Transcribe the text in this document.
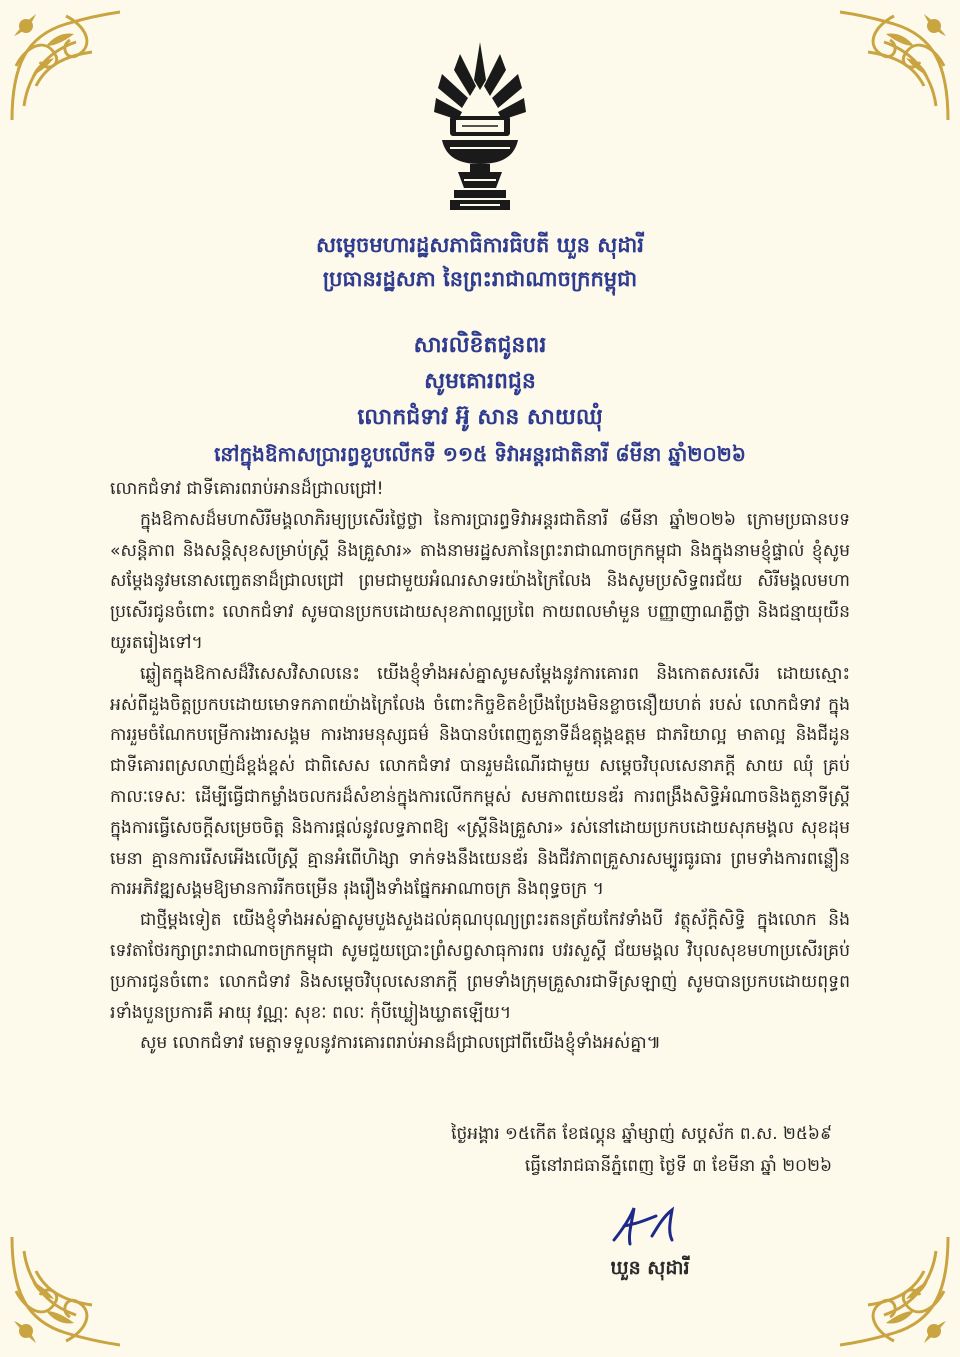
សម្តេចមហារដ្ឋសភាធិការធិបតី ឃួន សុដារី
ប្រធានរដ្ឋសភា នៃព្រះរាជាណាចក្រកម្ពុជា
សារលិខិតជូនពរ
សូមគោរពជូន
លោកជំទាវ អ៊ូ សាន សាយឈុំ
នៅក្នុងឱកាសប្រារព្ធខួបលើកទី ១១៥ ទិវាអន្តរជាតិនារី ៨មីនា ឆ្នាំ២០២៦

លោកជំទាវ ជាទីគោរពរាប់អានដ៏ជ្រាលជ្រៅ!

ក្នុងឱកាសដ៏មហាសិរីមង្គលាភិរម្យប្រសើរថ្លៃថ្លា នៃការប្រារព្ធទិវាអន្តរជាតិនារី ៨មីនា ឆ្នាំ២០២៦ ក្រោមប្រធានបទ «សន្តិភាព និងសន្តិសុខសម្រាប់ស្ត្រី និងគ្រួសារ» តាងនាមរដ្ឋសភានៃព្រះរាជាណាចក្រកម្ពុជា និងក្នុងនាមខ្ញុំផ្ទាល់ ខ្ញុំសូមសម្តែងនូវមនោសញ្ចេតនាដ៏ជ្រាលជ្រៅ ព្រមជាមួយអំណរសាទរយ៉ាងក្រៃលែង និងសូមប្រសិទ្ធពរជ័យ សិរីមង្គលមហាប្រសើរជូនចំពោះ លោកជំទាវ សូមបានប្រកបដោយសុខភាពល្អប្រពៃ កាយពលមាំមួន បញ្ញាញាណភ្លឺថ្លា និងជន្មាយុយឺនយូរតរៀងទៅ។

ឆ្លៀតក្នុងឱកាសដ៏វិសេសវិសាលនេះ យើងខ្ញុំទាំងអស់គ្នាសូមសម្តែងនូវការគោរព និងកោតសរសើរ ដោយស្មោះអស់ពីដួងចិត្តប្រកបដោយមោទកភាពយ៉ាងក្រៃលែង ចំពោះកិច្ចខិតខំប្រឹងប្រែងមិនខ្លាចនឿយហត់ របស់ លោកជំទាវ ក្នុងការរួមចំណែកបម្រើការងារសង្គម ការងារមនុស្សធម៌ និងបានបំពេញតួនាទីដ៏ឧត្តុង្គឧត្តម ជាភរិយាល្អ មាតាល្អ និងជីដូនជាទីគោរពស្រលាញ់ដ៏ខ្ពង់ខ្ពស់ ជាពិសេស លោកជំទាវ បានរួមដំណើរជាមួយ សម្តេចវិបុលសេនាភក្តី សាយ ឈុំ គ្រប់កាលៈទេសៈ ដើម្បីធ្វើជាកម្លាំងចលករដ៏សំខាន់ក្នុងការលើកកម្ពស់ សមភាពយេនឌ័រ ការពង្រឹងសិទ្ធិអំណាចនិងតួនាទីស្ត្រីក្នុងការធ្វើសេចក្តីសម្រេចចិត្ត និងការផ្តល់នូវលទ្ធភាពឱ្យ «ស្ត្រីនិងគ្រួសារ» រស់នៅដោយប្រកបដោយសុភមង្គល សុខដុមមេនា គ្មានការរើសអើងលើស្ត្រី គ្មានអំពើហិង្សា ទាក់ទងនឹងយេនឌ័រ និងជីវភាពគ្រួសារសម្បូរធូរធារ ព្រមទាំងការពន្លឿនការអភិវឌ្ឍសង្គមឱ្យមានការរីកចម្រើន រុងរឿងទាំងផ្នែកអាណាចក្រ និងពុទ្ធចក្រ ។

ជាថ្មីម្តងទៀត យើងខ្ញុំទាំងអស់គ្នាសូមបួងសួងដល់គុណបុណ្យព្រះរតនត្រ័យកែវទាំងបី វត្ថុស័ក្តិសិទ្ធិ ក្នុងលោក និងទេវតាថែរក្សាព្រះរាជាណាចក្រកម្ពុជា សូមជួយប្រោះព្រំសព្វសាធុការពរ បវរសួស្តី ជ័យមង្គល វិបុលសុខមហាប្រសើរគ្រប់ប្រការជូនចំពោះ លោកជំទាវ និងសម្តេចវិបុលសេនាភក្តី ព្រមទាំងក្រុមគ្រួសារជាទីស្រឡាញ់ សូមបានប្រកបដោយពុទ្ធពរទាំងបួនប្រការគឺ អាយុ វណ្ណៈ សុខៈ ពលៈ កុំបីឃ្លៀងឃ្លាតឡើយ។

សូម លោកជំទាវ មេត្តាទទួលនូវការគោរពរាប់អានដ៏ជ្រាលជ្រៅពីយើងខ្ញុំទាំងអស់គ្នា៕

ថ្ងៃអង្គារ ១៥កើត ខែផល្គុន ឆ្នាំម្សាញ់ សប្តស័ក ព.ស. ២៥៦៩
ធ្វើនៅរាជធានីភ្នំពេញ ថ្ងៃទី ៣ ខែមីនា ឆ្នាំ ២០២៦
ឃួន សុដារី
